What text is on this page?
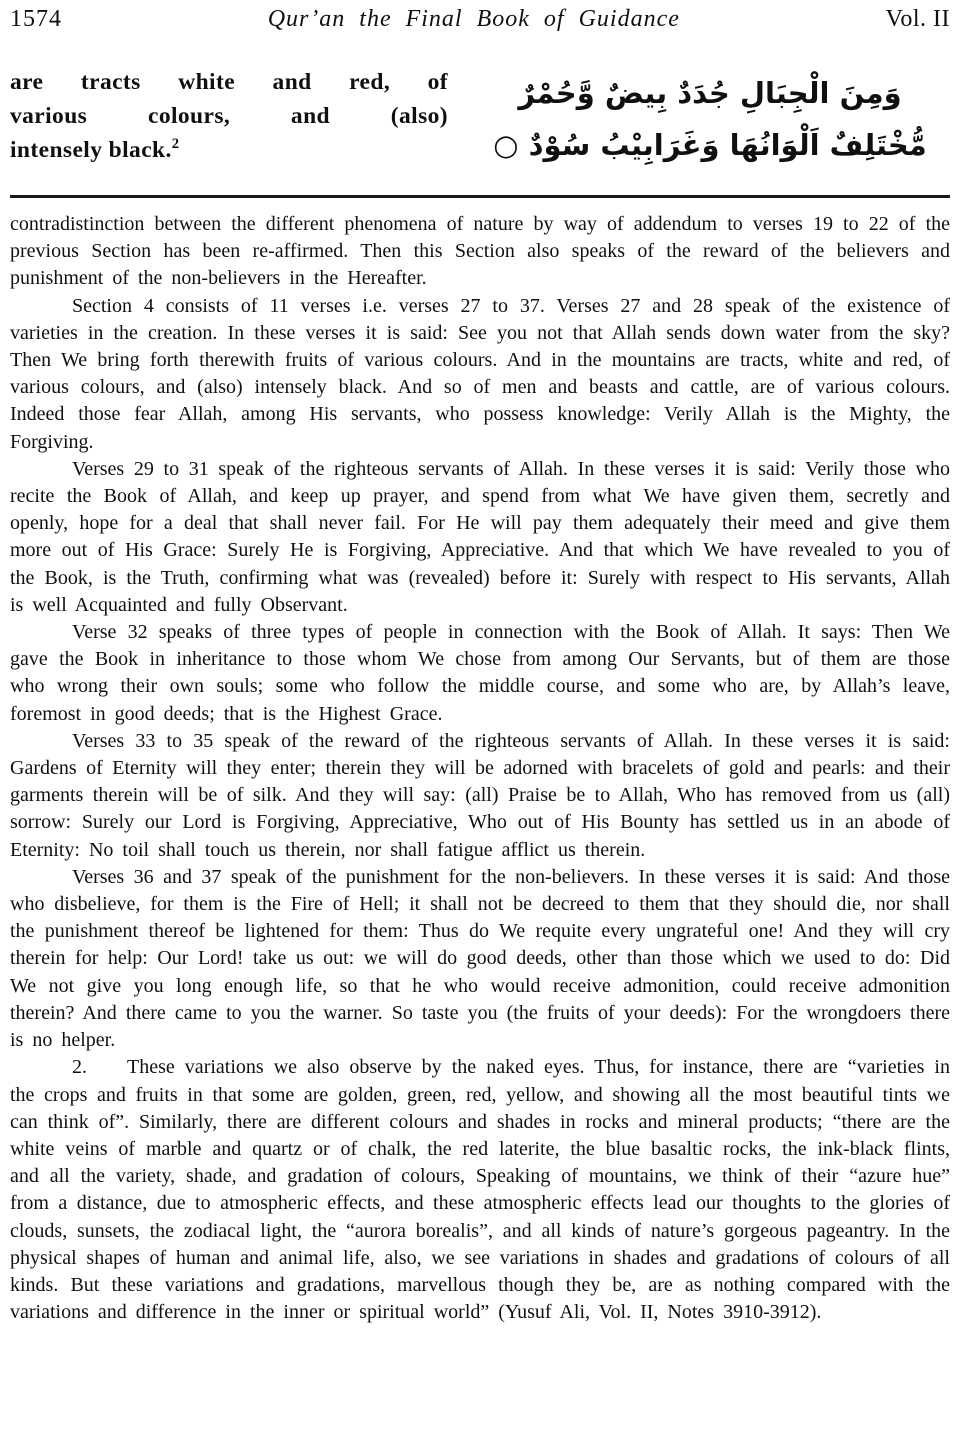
1574	Qur’an the Final Book of Guidance	Vol. II
are tracts white and red, of
various colours, and (also)
intensely black.$^2$
وَمِنَ الْجِبَالِ جُدَدٌ بِيضٌ وَّحُمْرٌ
مُّخْتَلِفٌ اَلْوَانُهَا وَغَرَابِيْبُ سُوْدٌ ○

contradistinction between the different phenomena of nature by way of addendum to verses 19 to 22 of the previous Section has been re-affirmed. Then this Section also speaks of the reward of the believers and punishment of the non-believers in the Hereafter.

Section 4 consists of 11 verses i.e. verses 27 to 37. Verses 27 and 28 speak of the existence of varieties in the creation. In these verses it is said: See you not that Allah sends down water from the sky? Then We bring forth therewith fruits of various colours. And in the mountains are tracts, white and red, of various colours, and (also) intensely black. And so of men and beasts and cattle, are of various colours. Indeed those fear Allah, among His servants, who possess knowledge: Verily Allah is the Mighty, the Forgiving.

Verses 29 to 31 speak of the righteous servants of Allah. In these verses it is said: Verily those who recite the Book of Allah, and keep up prayer, and spend from what We have given them, secretly and openly, hope for a deal that shall never fail. For He will pay them adequately their meed and give them more out of His Grace: Surely He is Forgiving, Appreciative. And that which We have revealed to you of the Book, is the Truth, confirming what was (revealed) before it: Surely with respect to His servants, Allah is well Acquainted and fully Observant.

Verse 32 speaks of three types of people in connection with the Book of Allah. It says: Then We gave the Book in inheritance to those whom We chose from among Our Servants, but of them are those who wrong their own souls; some who follow the middle course, and some who are, by Allah’s leave, foremost in good deeds; that is the Highest Grace.

Verses 33 to 35 speak of the reward of the righteous servants of Allah. In these verses it is said: Gardens of Eternity will they enter; therein they will be adorned with bracelets of gold and pearls: and their garments therein will be of silk. And they will say: (all) Praise be to Allah, Who has removed from us (all) sorrow: Surely our Lord is Forgiving, Appreciative, Who out of His Bounty has settled us in an abode of Eternity: No toil shall touch us therein, nor shall fatigue afflict us therein.

Verses 36 and 37 speak of the punishment for the non-believers. In these verses it is said: And those who disbelieve, for them is the Fire of Hell; it shall not be decreed to them that they should die, nor shall the punishment thereof be lightened for them: Thus do We requite every ungrateful one! And they will cry therein for help: Our Lord! take us out: we will do good deeds, other than those which we used to do: Did We not give you long enough life, so that he who would receive admonition, could receive admonition therein? And there came to you the warner. So taste you (the fruits of your deeds): For the wrongdoers there is no helper.

2.  These variations we also observe by the naked eyes. Thus, for instance, there are “varieties in the crops and fruits in that some are golden, green, red, yellow, and showing all the most beautiful tints we can think of”. Similarly, there are different colours and shades in rocks and mineral products; “there are the white veins of marble and quartz or of chalk, the red laterite, the blue basaltic rocks, the ink-black flints, and all the variety, shade, and gradation of colours, Speaking of mountains, we think of their “azure hue” from a distance, due to atmospheric effects, and these atmospheric effects lead our thoughts to the glories of clouds, sunsets, the zodiacal light, the “aurora borealis”, and all kinds of nature’s gorgeous pageantry. In the physical shapes of human and animal life, also, we see variations in shades and gradations of colours of all kinds. But these variations and gradations, marvellous though they be, are as nothing compared with the variations and difference in the inner or spiritual world” (Yusuf Ali, Vol. II, Notes 3910-3912).
